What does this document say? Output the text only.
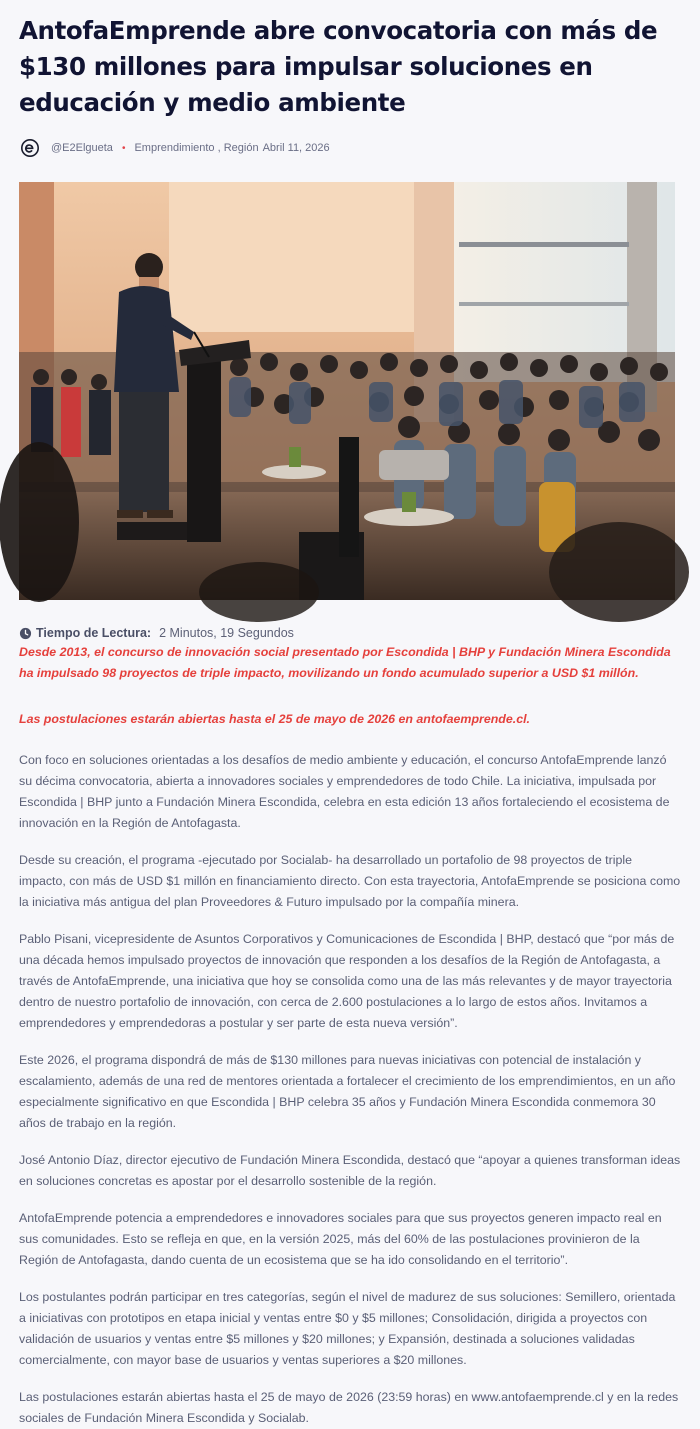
AntofaEmprende abre convocatoria con más de $130 millones para impulsar soluciones en educación y medio ambiente
@E2Elgueta • Emprendimiento , Región Abril 11, 2026
Tiempo de Lectura: 2 Minutos, 19 Segundos

Desde 2013, el concurso de innovación social presentado por Escondida | BHP y Fundación Minera Escondida ha impulsado 98 proyectos de triple impacto, movilizando un fondo acumulado superior a USD $1 millón.

Las postulaciones estarán abiertas hasta el 25 de mayo de 2026 en antofaemprende.cl.

Con foco en soluciones orientadas a los desafíos de medio ambiente y educación, el concurso AntofaEmprende lanzó su décima convocatoria, abierta a innovadores sociales y emprendedores de todo Chile. La iniciativa, impulsada por Escondida | BHP junto a Fundación Minera Escondida, celebra en esta edición 13 años fortaleciendo el ecosistema de innovación en la Región de Antofagasta.

Desde su creación, el programa -ejecutado por Socialab- ha desarrollado un portafolio de 98 proyectos de triple impacto, con más de USD $1 millón en financiamiento directo. Con esta trayectoria, AntofaEmprende se posiciona como la iniciativa más antigua del plan Proveedores & Futuro impulsado por la compañía minera.

Pablo Pisani, vicepresidente de Asuntos Corporativos y Comunicaciones de Escondida | BHP, destacó que “por más de una década hemos impulsado proyectos de innovación que responden a los desafíos de la Región de Antofagasta, a través de AntofaEmprende, una iniciativa que hoy se consolida como una de las más relevantes y de mayor trayectoria dentro de nuestro portafolio de innovación, con cerca de 2.600 postulaciones a lo largo de estos años. Invitamos a emprendedores y emprendedoras a postular y ser parte de esta nueva versión”.

Este 2026, el programa dispondrá de más de $130 millones para nuevas iniciativas con potencial de instalación y escalamiento, además de una red de mentores orientada a fortalecer el crecimiento de los emprendimientos, en un año especialmente significativo en que Escondida | BHP celebra 35 años y Fundación Minera Escondida conmemora 30 años de trabajo en la región.

José Antonio Díaz, director ejecutivo de Fundación Minera Escondida, destacó que “apoyar a quienes transforman ideas en soluciones concretas es apostar por el desarrollo sostenible de la región.

AntofaEmprende potencia a emprendedores e innovadores sociales para que sus proyectos generen impacto real en sus comunidades. Esto se refleja en que, en la versión 2025, más del 60% de las postulaciones provinieron de la Región de Antofagasta, dando cuenta de un ecosistema que se ha ido consolidando en el territorio”.

Los postulantes podrán participar en tres categorías, según el nivel de madurez de sus soluciones: Semillero, orientada a iniciativas con prototipos en etapa inicial y ventas entre $0 y $5 millones; Consolidación, dirigida a proyectos con validación de usuarios y ventas entre $5 millones y $20 millones; y Expansión, destinada a soluciones validadas comercialmente, con mayor base de usuarios y ventas superiores a $20 millones.

Las postulaciones estarán abiertas hasta el 25 de mayo de 2026 (23:59 horas) en www.antofaemprende.cl y en la redes sociales de Fundación Minera Escondida y Socialab.
